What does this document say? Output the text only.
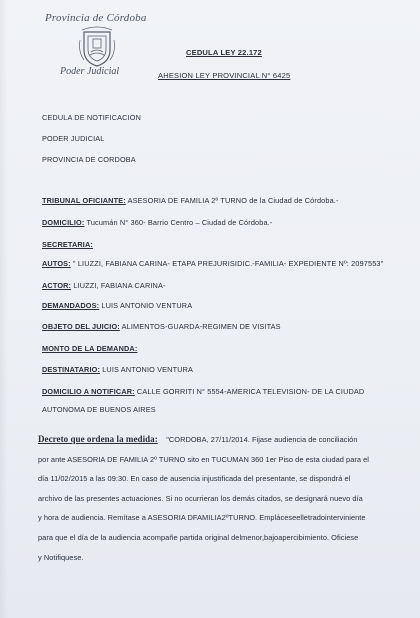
Provincia de Córdoba
Poder Judicial
CEDULA LEY 22.172
AHESION LEY PROVINCIAL N° 6425
CEDULA DE NOTIFICACION
PODER JUDICIAL
PROVINCIA DE CORDOBA
TRIBUNAL OFICIANTE: ASESORIA DE FAMILIA 2º TURNO de la Ciudad de Córdoba.-
DOMICILIO: Tucumán N° 360- Barrio Centro – Ciudad de Córdoba.-
SECRETARIA:
AUTOS: " LIUZZI, FABIANA CARINA- ETAPA PREJURISIDIC.-FAMILIA- EXPEDIENTE Nº: 2097553"
ACTOR: LIUZZI, FABIANA CARINA-
DEMANDADOS: LUIS ANTONIO VENTURA
OBJETO DEL JUICIO: ALIMENTOS-GUARDA-REGIMEN DE VISITAS
MONTO DE LA DEMANDA:
DESTINATARIO: LUIS ANTONIO VENTURA
DOMICILIO A NOTIFICAR: CALLE GORRITI N° 5554-AMERICA TELEVISION- DE LA CIUDAD
AUTONOMA DE BUENOS AIRES
Decreto que ordena la medida: "CORDOBA, 27/11/2014. Fijase audiencia de conciliación
por ante ASESORIA DE FAMILIA 2º TURNO sito en TUCUMAN 360 1er Piso de esta ciudad para el
día 11/02/2015 a las 09:30. En caso de ausencia injustificada del presentante, se dispondrá el
archivo de las presentes actuaciones. Si no ocurrieran los demás citados, se designará nuevo día
y hora de audiencia. Remítase a ASESORIA DFAMILIA2ºTURNO. Empláceseelletradointerviniente
para que el día de la audiencia acompañe partida original delmenor,bajoapercibimiento. Oficiese
y Notifiquese.
